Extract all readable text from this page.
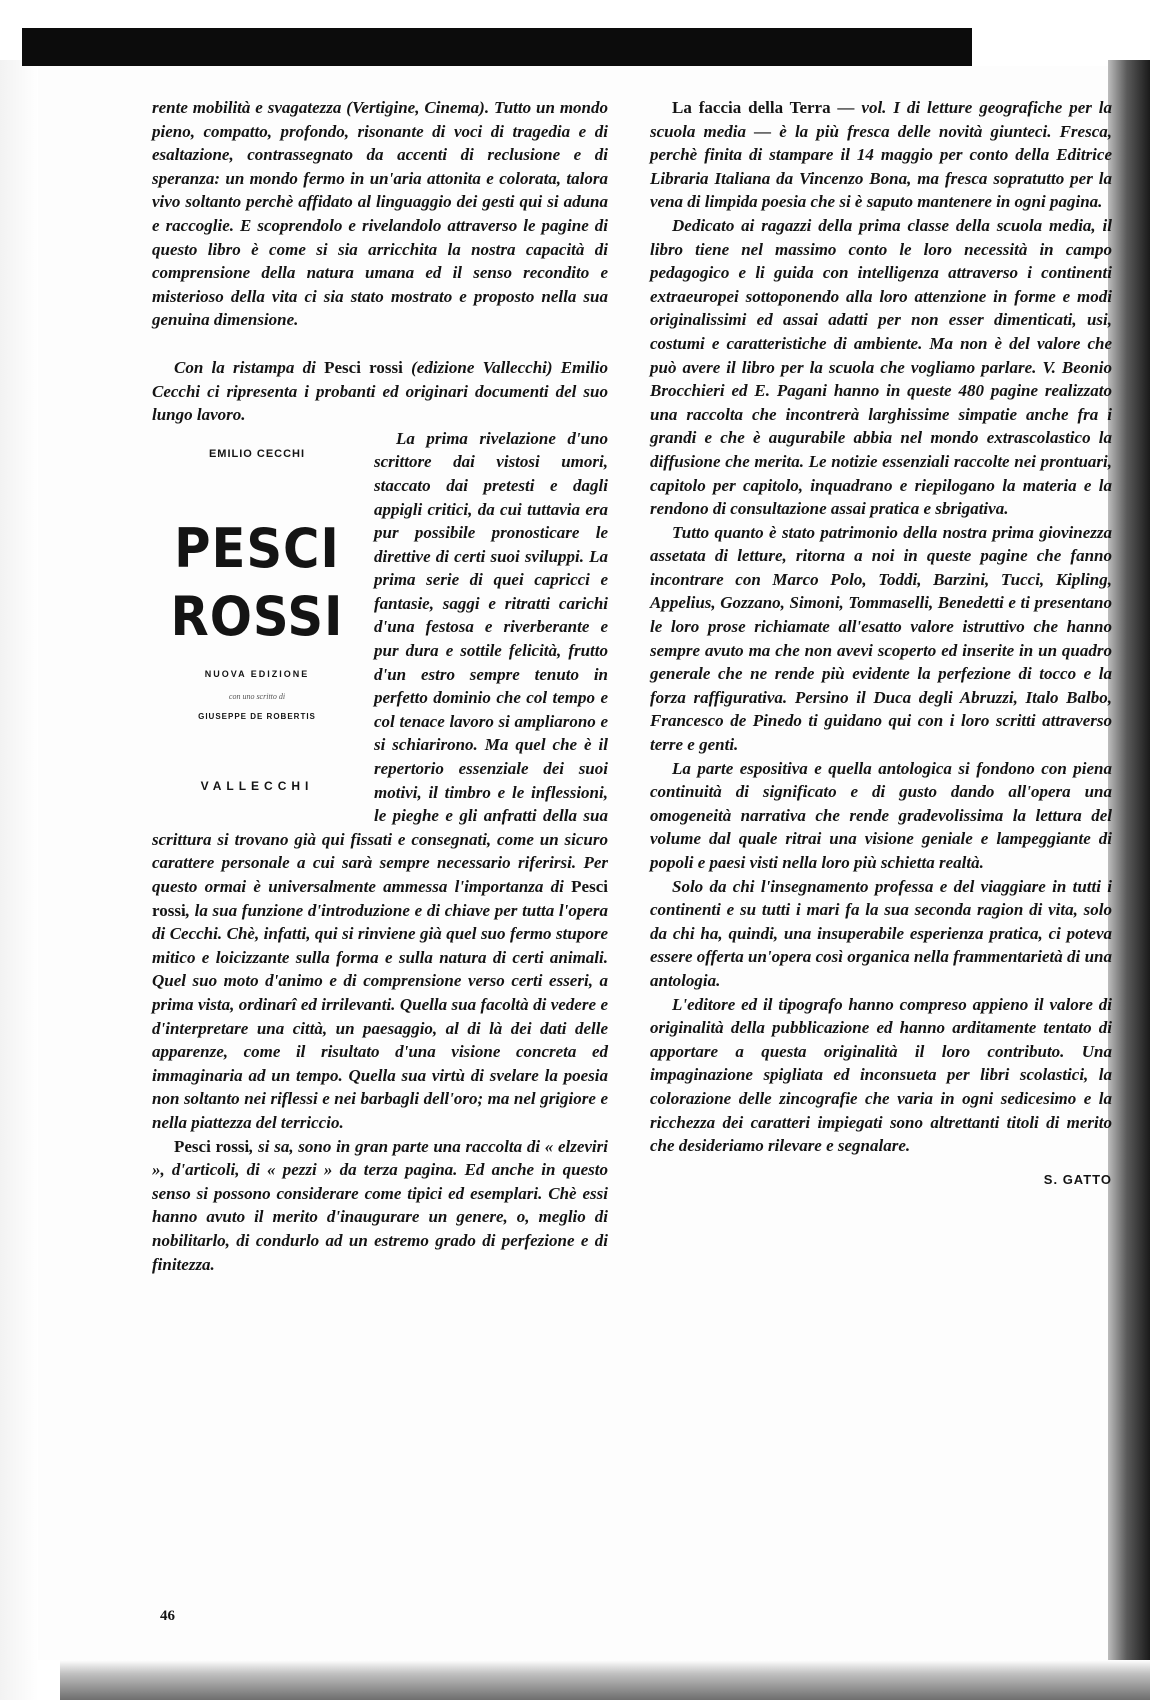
rente mobilità e svagatezza (Vertigine, Cinema). Tutto un mondo pieno, compatto, profondo, risonante di voci di tragedia e di esaltazione, contrassegnato da accenti di reclusione e di speranza: un mondo fermo in un'aria attonita e colorata, talora vivo soltanto perchè affidato al linguaggio dei gesti qui si aduna e raccoglie. E scoprendolo e rivelandolo attraverso le pagine di questo libro è come si sia arricchita la nostra capacità di comprensione della natura umana ed il senso recondito e misterioso della vita ci sia stato mostrato e proposto nella sua genuina dimensione.

Con la ristampa di Pesci rossi (edizione Vallecchi) Emilio Cecchi ci ripresenta i probanti ed originari documenti del suo lungo lavoro.

EMILIO CECCHI
PESCI
ROSSI
NUOVA EDIZIONE
con uno scritto di
GIUSEPPE DE ROBERTIS
VALLECCHI

La prima rivelazione d'uno scrittore dai vistosi umori, staccato dai pretesti e dagli appigli critici, da cui tuttavia era pur possibile pronosticare le direttive di certi suoi sviluppi. La prima serie di quei capricci e fantasie, saggi e ritratti carichi d'una festosa e riverberante e pur dura e sottile felicità, frutto d'un estro sempre tenuto in perfetto dominio che col tempo e col tenace lavoro si ampliarono e si schiarirono. Ma quel che è il repertorio essenziale dei suoi motivi, il timbro e le inflessioni, le pieghe e gli anfratti della sua scrittura si trovano già qui fissati e consegnati, come un sicuro carattere personale a cui sarà sempre necessario riferirsi. Per questo ormai è universalmente ammessa l'importanza di Pesci rossi, la sua funzione d'introduzione e di chiave per tutta l'opera di Cecchi. Chè, infatti, qui si rinviene già quel suo fermo stupore mitico e loicizzante sulla forma e sulla natura di certi animali. Quel suo moto d'animo e di comprensione verso certi esseri, a prima vista, ordinarî ed irrilevanti. Quella sua facoltà di vedere e d'interpretare una città, un paesaggio, al di là dei dati delle apparenze, come il risultato d'una visione concreta ed immaginaria ad un tempo. Quella sua virtù di svelare la poesia non soltanto nei riflessi e nei barbagli dell'oro; ma nel grigiore e nella piattezza del terriccio.

Pesci rossi, si sa, sono in gran parte una raccolta di « elzeviri », d'articoli, di « pezzi » da terza pagina. Ed anche in questo senso si possono considerare come tipici ed esemplari. Chè essi hanno avuto il merito d'inaugurare un genere, o, meglio di nobilitarlo, di condurlo ad un estremo grado di perfezione e di finitezza.

La faccia della Terra — vol. I di letture geografiche per la scuola media — è la più fresca delle novità giunteci. Fresca, perchè finita di stampare il 14 maggio per conto della Editrice Libraria Italiana da Vincenzo Bona, ma fresca sopratutto per la vena di limpida poesia che si è saputo mantenere in ogni pagina.

Dedicato ai ragazzi della prima classe della scuola media, il libro tiene nel massimo conto le loro necessità in campo pedagogico e li guida con intelligenza attraverso i continenti extraeuropei sottoponendo alla loro attenzione in forme e modi originalissimi ed assai adatti per non esser dimenticati, usi, costumi e caratteristiche di ambiente. Ma non è del valore che può avere il libro per la scuola che vogliamo parlare. V. Beonio Brocchieri ed E. Pagani hanno in queste 480 pagine realizzato una raccolta che incontrerà larghissime simpatie anche fra i grandi e che è augurabile abbia nel mondo extrascolastico la diffusione che merita. Le notizie essenziali raccolte nei prontuari, capitolo per capitolo, inquadrano e riepilogano la materia e la rendono di consultazione assai pratica e sbrigativa.

Tutto quanto è stato patrimonio della nostra prima giovinezza assetata di letture, ritorna a noi in queste pagine che fanno incontrare con Marco Polo, Toddi, Barzini, Tucci, Kipling, Appelius, Gozzano, Simoni, Tommaselli, Benedetti e ti presentano le loro prose richiamate all'esatto valore istruttivo che hanno sempre avuto ma che non avevi scoperto ed inserite in un quadro generale che ne rende più evidente la perfezione di tocco e la forza raffigurativa. Persino il Duca degli Abruzzi, Italo Balbo, Francesco de Pinedo ti guidano qui con i loro scritti attraverso terre e genti.

La parte espositiva e quella antologica si fondono con piena continuità di significato e di gusto dando all'opera una omogeneità narrativa che rende gradevolissima la lettura del volume dal quale ritrai una visione geniale e lampeggiante di popoli e paesi visti nella loro più schietta realtà.

Solo da chi l'insegnamento professa e del viaggiare in tutti i continenti e su tutti i mari fa la sua seconda ragion di vita, solo da chi ha, quindi, una insuperabile esperienza pratica, ci poteva essere offerta un'opera così organica nella frammentarietà di una antologia.

L'editore ed il tipografo hanno compreso appieno il valore di originalità della pubblicazione ed hanno arditamente tentato di apportare a questa originalità il loro contributo. Una impaginazione spigliata ed inconsueta per libri scolastici, la colorazione delle zincografie che varia in ogni sedicesimo e la ricchezza dei caratteri impiegati sono altrettanti titoli di merito che desideriamo rilevare e segnalare.

S. GATTO
46
